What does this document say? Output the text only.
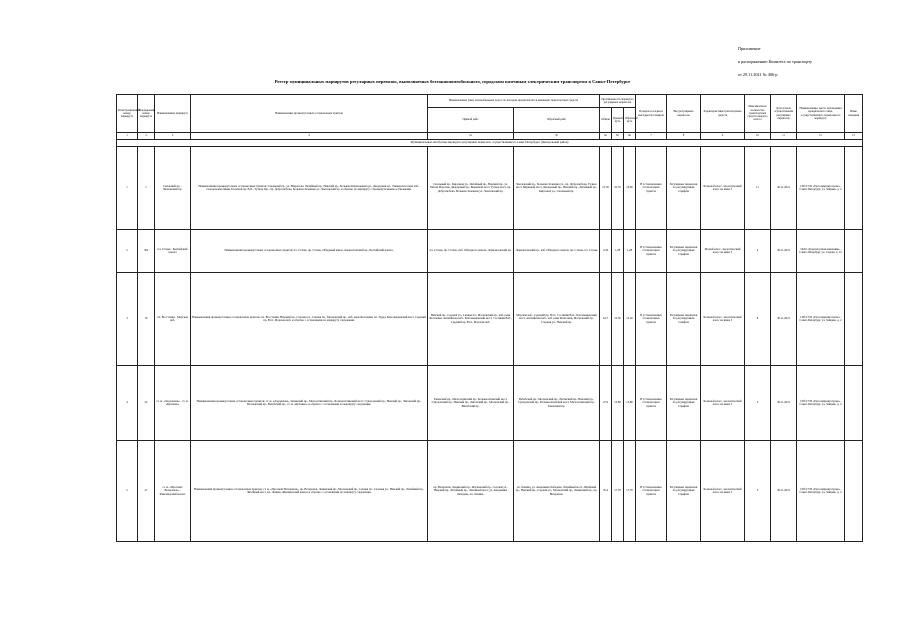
Приложение
к распоряжению Комитета по транспорту
от 29.11.2021 № 406-р
Реестр муниципальных маршрутов регулярных перевозок, выполняемых безтакнопомеобильного, городским наземным электрическим транспортом в Санкт-Петербурге
Регистрационный номер маршрута	Порядковый номер маршрута	Наименование маршрута	Наименование промежуточных остановочных пунктов	Наименование улиц, автомобильных дорог, по которым предполагается движение транспортных средств		Протяженность маршрута регулярных перевозок			Порядок посадки и высадки пассажиров	Вид регулярных перевозок	Характеристики транспортных средств	Максимальное количество транспортных средств каждого класса	Дата начала осуществления регулярных перевозок	Наименование, место нахождения юридического лица, осуществляющего перевозки по маршруту	Иные сведения
				Прямой рейс	Обратный рейс	Общая	Прямой путь	Обратный путь							
1	2	3	4	5а	5б	6а	6б	6в	7	8	9	10	11	12	13
Муниципальные автобусные маршруты регулярных перевозок, осуществляемых в Санкт-Петербурге (Центральный район)															
1	1	Смольный пр. - Чкаловский пр.	Наименования промежуточных остановочных пунктов; Смольный пр., ул. Некрасова, Литейный пр., Невский пр., Большая Конюшенная ул., Дворцовая пл., Университетская наб., Съездовская линия, Большой пр. В.О., Тучков пер., пр. Добролюбова, Большая Зеленина ул., Чкаловский пр. и обратно по маршруту с промежуточными остановками.	Смольный пр., Кирочная ул., Литейный пр., Невский пр., ул. Малая Морская, Дворцовый пр., Биржевой мост, Тучков мост, пр. Добролюбова, Большая Зеленина ул., Чкаловский пр.	Чкаловский пр., Большая Зеленина ул., пр. Добролюбова, Тучков мост, Биржевой мост, Дворцовый пр., Невский пр., Литейный пр., Кирочная ул., Смольный пр.	21,30	10,70	10,60	В установленных остановочных пунктах	Регулярные перевозки по регулируемым тарифам	Большой класс, экологический класс не ниже 5	11	30.11.2021	СПб ГУП «Пассажиравтотранс», Санкт-Петербург, ул. Зайцева, д. 2	
2	3М	пл. Стачек - Балтийский вокзал	Наименования промежуточных остановочных пунктов; пл. Стачек, пр. Стачек, Обводный канал, Лермонтовский пр., Балтийский вокзал.	пл. Стачек, пр. Стачек, наб. Обводного канала, Лермонтовский пр.	Лермонтовский пр., наб. Обводного канала, пр. Стачек, пл. Стачек	2,56	1,28	1,28	В установленных остановочных пунктах	Регулярные перевозки по регулируемым тарифам	Малый класс, экологический класс не ниже 5	4	30.11.2021	ООО «Транспортная компания», Санкт-Петербург, ул. Седова, д. 12	
3	10	пл. Восстания - Морская наб.	Наименования промежуточных остановочных пунктов; пл. Восстания, Невский пр., Садовая ул., Сенная пл., Московский пр., наб. реки Фонтанки, пл. Труда, Благовещенский мост, Средний пр. В.О., Морская наб. и обратно с остановками по маршруту следования.	Невский пр., Садовая ул., Сенная пл., Московский пр., наб. реки Фонтанки, Английская наб., Благовещенский мост, 7-я линия В.О., Средний пр. В.О., Морская наб.	Морская наб., Средний пр. В.О., 7-я линия В.О., Благовещенский мост, Английская наб., наб. реки Фонтанки, Московский пр., Садовая ул., Невский пр.	24,7	12,50	12,20	В установленных остановочных пунктах	Регулярные перевозки по регулируемым тарифам	Большой класс, экологический класс не ниже 5	8	30.11.2021	СПб ГУП «Пассажиравтотранс», Санкт-Петербург, ул. Зайцева, д. 2	
4	22	ст. м. «Ладожская» - ст. м. «Купчино»	Наименования промежуточных остановочных пунктов; ст. м. «Ладожская», Заневский пр., Малоохтинский пр., Большеохтинский мост, Суворовский пр., Невский пр., Лиговский пр., Московский пр., Витебский пр., ст. м. «Купчино» и обратно с остановками по маршруту следования.	Заневский пр., Малоохтинский пр., Большеохтинский мост, Суворовский пр., Невский пр., Лиговский пр., Московский пр., Витебский пр.	Витебский пр., Московский пр., Лиговский пр., Невский пр., Суворовский пр., Большеохтинский мост, Малоохтинский пр., Заневский пр.	27,6	13,80	13,80	В установленных остановочных пунктах	Регулярные перевозки по регулируемым тарифам	Большой класс, экологический класс не ниже 5	5	30.11.2021	СПб ГУП «Пассажиравтотранс», Санкт-Петербург, ул. Зайцева, д. 2	
5	27	ст. м. «Проспект Ветеранов» - Финляндский вокзал	Наименования промежуточных остановочных пунктов; ст. м. «Проспект Ветеранов», пр. Ветеранов, Ленинский пр., Московский пр., Сенная пл., Садовая ул., Невский пр., Литейный пр., Литейный мост, пл. Ленина, Финляндский вокзал и обратно с остановками по маршруту следования.	пр. Ветеранов, Ленинский пр., Московский пр., Садовая ул., Невский пр., Литейный пр., Литейный мост, ул. Академика Лебедева, пл. Ленина.	пл. Ленина, ул. Академика Лебедева, Литейный мост, Литейный пр., Невский пр., Садовая ул., Московский пр., Ленинский пр., пр. Ветеранов.	35,4	17,70	17,70	В установленных остановочных пунктах	Регулярные перевозки по регулируемым тарифам	Большой класс, экологический класс не ниже 5	3	30.11.2021	СПб ГУП «Пассажиравтотранс», Санкт-Петербург, ул. Зайцева, д. 2	
